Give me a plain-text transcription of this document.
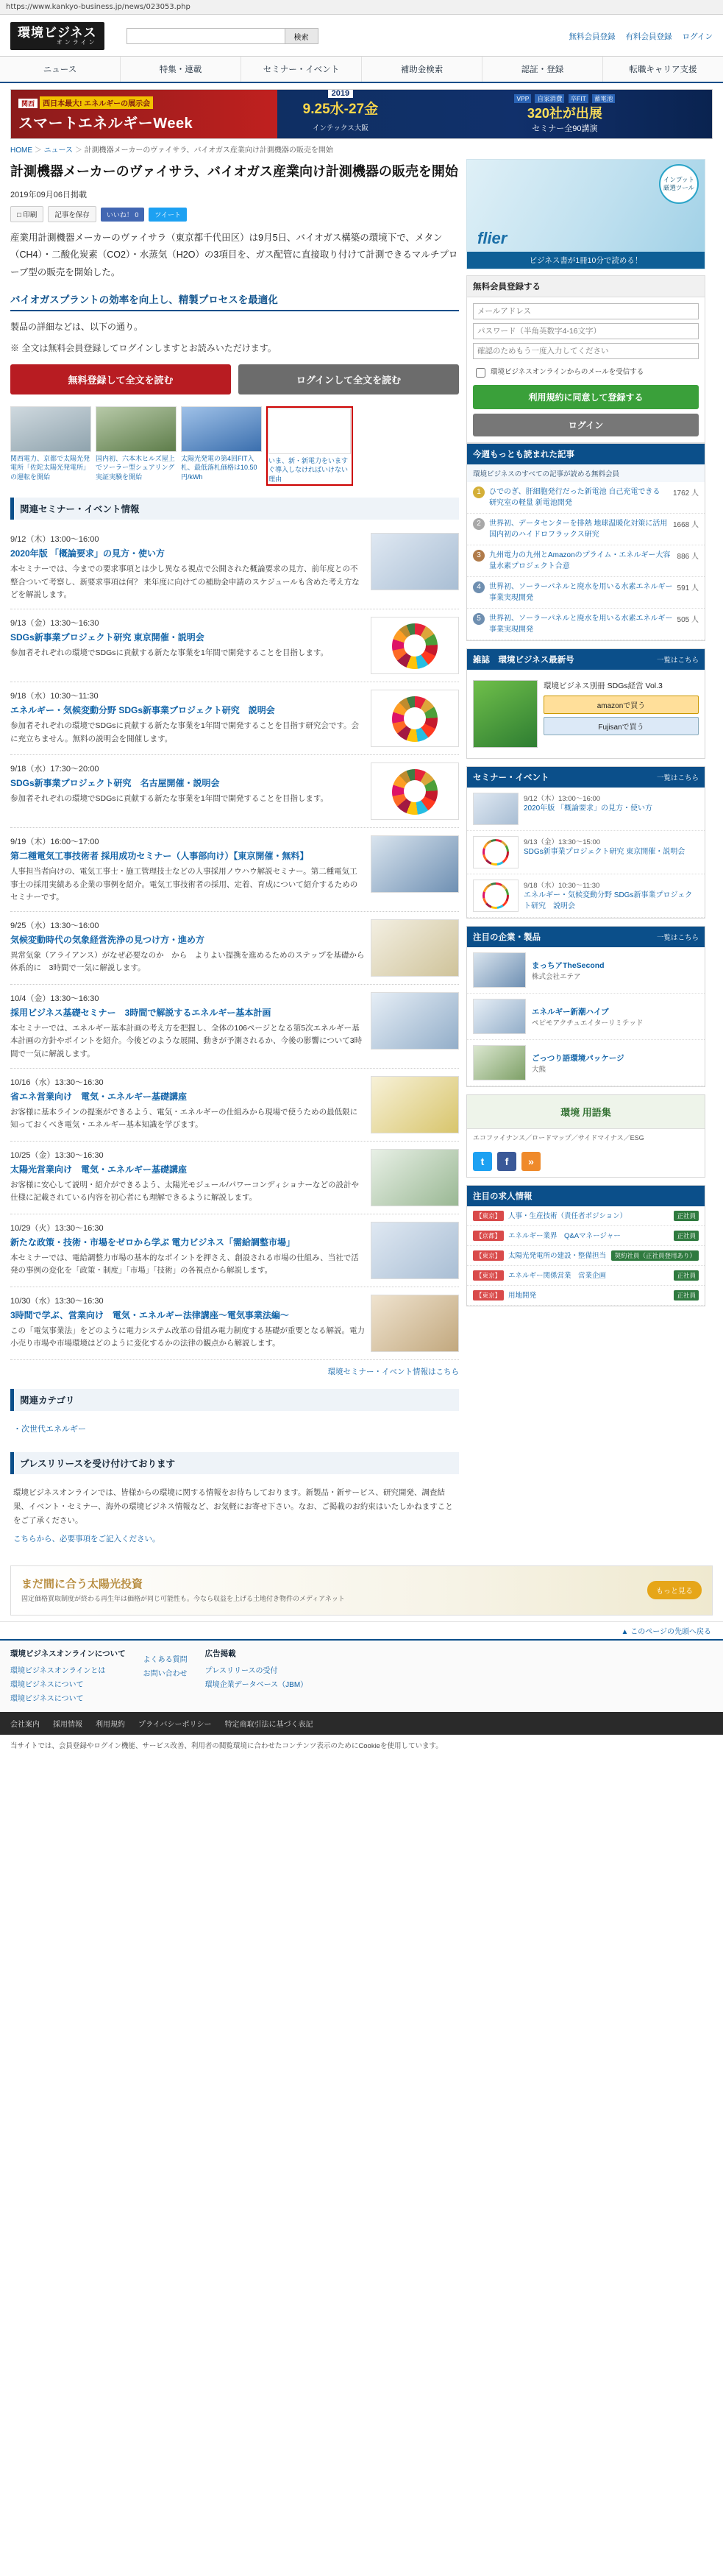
https://www.kankyo-business.jp/news/023053.php
環境ビジネス
オンライン
検索	無料会員登録 有料会員登録 ログイン
ニュース	特集・連載	セミナー・イベント	補助金検索	認証・登録	転職キャリア支援
関西 西日本最大! エネルギーの展示会
スマートエネルギーWeek
2019
9.25水-27金
インテックス大阪
VPP 自家消費 卒FIT 蓄電池
320社が出展
セミナー全90講演
HOME ＞ ニュース ＞ 計測機器メーカーのヴァイサラ、バイオガス産業向け計測機器の販売を開始
計測機器メーカーのヴァイサラ、バイオガス産業向け計測機器の販売を開始
2019年09月06日掲載
□ 印刷	記事を保存	いいね！ 0	ツイート
産業用計測機器メーカーのヴァイサラ（東京都千代田区）は9月5日、バイオガス構築の環境下で、メタン（CH4）・二酸化炭素（CO2）・水蒸気（H2O）の3項目を、ガス配管に直接取り付けて計測できるマルチプローブ型の販売を開始した。
バイオガスプラントの効率を向上し、精製プロセスを最適化
製品の詳細などは、以下の通り。
※ 全文は無料会員登録してログインしますとお読みいただけます。
無料登録して全文を読む	ログインして全文を読む
関西電力、京都で太陽光発電所「佐陀太陽光発電所」の運転を開始
国内初、六本木ヒルズ屋上でソーラー型シェアリング 実証実験を開始
太陽光発電の第4回FIT入札、最低落札価格は10.50円/kWh
いま、新・新電力をいますぐ導入しなければいけない理由
関連セミナー・イベント情報
9/12（木）13:00～16:00
2020年版 「概論要求」の見方・使い方
本セミナーでは、今までの要求事項とは少し異なる視点で公開された概論要求の見方、前年度との不整合ついて考察し、新要求事項は何？ 来年度に向けての補助金申請のスケジュールも含めた考え方などを解説します。
9/13（金）13:30～16:30
SDGs新事業プロジェクト研究 東京開催・説明会
参加者それぞれの環境でSDGsに貢献する新たな事業を1年間で開発することを目指します。
9/18（水）10:30～11:30
エネルギー・気候変動分野 SDGs新事業プロジェクト研究　説明会
参加者それぞれの環境でSDGsに貢献する新たな事業を1年間で開発することを目指す研究会です。会に充立ちません。無料の説明会を開催します。
9/18（水）17:30～20:00
SDGs新事業プロジェクト研究　名古屋開催・説明会
参加者それぞれの環境でSDGsに貢献する新たな事業を1年間で開発することを目指します。
9/19（木）16:00～17:00
第二種電気工事技術者 採用成功セミナー（人事部向け）【東京開催・無料】
人事担当者向けの、電気工事士・施工管理技士などの人事採用ノウハウ解説セミナー。第二種電気工事士の採用実績ある企業の事例を紹介。電気工事技術者の採用、定着、育成について紹介するためのセミナーです。
9/25（水）13:30～16:00
気候変動時代の気象経営洗浄の見つけ方・進め方
異常気象（アライアンス）がなぜ必要なのか　から　よりよい提携を進めるためのステップを基礎から体系的に　3時間で一気に解説します。
10/4（金）13:30～16:30
採用ビジネス基礎セミナー　3時間で解説するエネルギー基本計画
本セミナーでは、エネルギー基本計画の考え方を把握し、全体の106ページとなる第5次エネルギー基本計画の方針やポイントを紹介。今後どのような展開、動きが予測されるか、今後の影響について3時間で一気に解説します。
10/16（水）13:30～16:30
省エネ営業向け　電気・エネルギー基礎講座
お客様に基本ラインの提案ができるよう、電気・エネルギーの仕組みから現場で使うための最低限に知っておくべき電気・エネルギー基本知識を学びます。
10/25（金）13:30～16:30
太陽光営業向け　電気・エネルギー基礎講座
お客様に安心して説明・紹介ができるよう、太陽光モジュール/パワーコンディショナーなどの設計や仕様に記載されている内容を初心者にも理解できるように解説します。
10/29（火）13:30～16:30
新たな政策・技術・市場をゼロから学ぶ 電力ビジネス「需給調整市場」
本セミナーでは、電給調整力市場の基本的なポイントを押さえ、創設される市場の仕組み、当社で活発の事例の変化を「政策・制度」「市場」「技術」の各視点から解説します。
10/30（水）13:30～16:30
3時間で学ぶ、営業向け　電気・エネルギー法律講座～電気事業法編～
この「電気事業法」をどのように電力システム改革の骨組み電力制度する基礎が重要となる解説。電力小売り市場や市場環境はどのように変化するかの法律の観点から解説します。
環境セミナー・イベント情報はこちら
関連カテゴリ
・次世代エネルギー
プレスリリースを受け付けております
環境ビジネスオンラインでは、皆様からの環境に関する情報をお待ちしております。新製品・新サービス、研究開発、調査結果、イベント・セミナー、海外の環境ビジネス情報など、お気軽にお寄せ下さい。なお、ご掲載のお約束はいたしかねますことをご了承ください。
こちらから、必要事項をご記入ください。
インプット厳選ツール
flier
ビジネス書が1冊10分で読める！
無料会員登録する
メールアドレス
環境ビジネスオンラインからのメールを受信する
利用規約に同意して登録する
ログイン
今週もっとも読まれた記事
環境ビジネスのすべての記事が読める無料会員
1	ひでのぎ、肝細胞発行だった新電池 自己充電できる 研究室の軽量 新電池開発
1762 人
2	世界初、データセンターを排熱 地球温暖化対策に活用 国内初のハイドロフラックス研究
1668 人
3	九州電力の九州とAmazonのプライム・エネルギー大容量水素プロジェクト合意
886 人
4	世界初、ソーラーパネルと廃水を用いる水素エネルギー事業実現開発
591 人
5	世界初、ソーラーパネルと廃水を用いる水素エネルギー事業実現開発
505 人
雑誌　環境ビジネス最新号	一覧はこちら
環境ビジネス別冊 SDGs経営 Vol.3
amazonで買う
Fujisanで買う
セミナー・イベント	一覧はこちら
9/12（木）13:00～16:00
2020年版 「概論要求」の見方・使い方
9/13（金）13:30～15:00
SDGs新事業プロジェクト研究 東京開催・説明会
9/18（水）10:30～11:30
エネルギー・気候変動分野 SDGs新事業プロジェクト研究　説明会
注目の企業・製品	一覧はこちら
まっちアTheSecond
株式会社エテア
エネルギー新潮ハイブ
ペピモアクチュエイターリミテッド
ごっつり語環境パッケージ
大熊
環境 用語集
エコファイナンス／ロードマップ／サイドマイナス／ESG
t	f	»
注目の求人情報
【東京】	人事・生産技術（責任者ポジション）	正社員
【京都】	エネルギー業界　Q&Aマネージャー	正社員
【東京】	太陽光発電所の建設・整備担当	契約社員（正社員登用あり）
【東京】	エネルギー関係営業　営業企画	正社員
【東京】	用地開発	正社員
まだ間に合う太陽光投資
固定価格買取制度が終わる再生年は価格が同じ可能性も。今なら収益を上げる土地付き物件のメディアネット
もっと見る
▲ このページの先頭へ戻る
環境ビジネスオンラインについて
環境ビジネスオンラインとは
環境ビジネスについて
環境ビジネスについて
よくある質問
お問い合わせ
広告掲載
プレスリリースの受付
環境企業データベース（JBM）
会社案内 採用情報 利用規約 プライバシーポリシー 特定商取引法に基づく表記
当サイトでは、会員登録やログイン機能、サービス改善、利用者の閲覧環境に合わせたコンテンツ表示のためにCookieを使用しています。
